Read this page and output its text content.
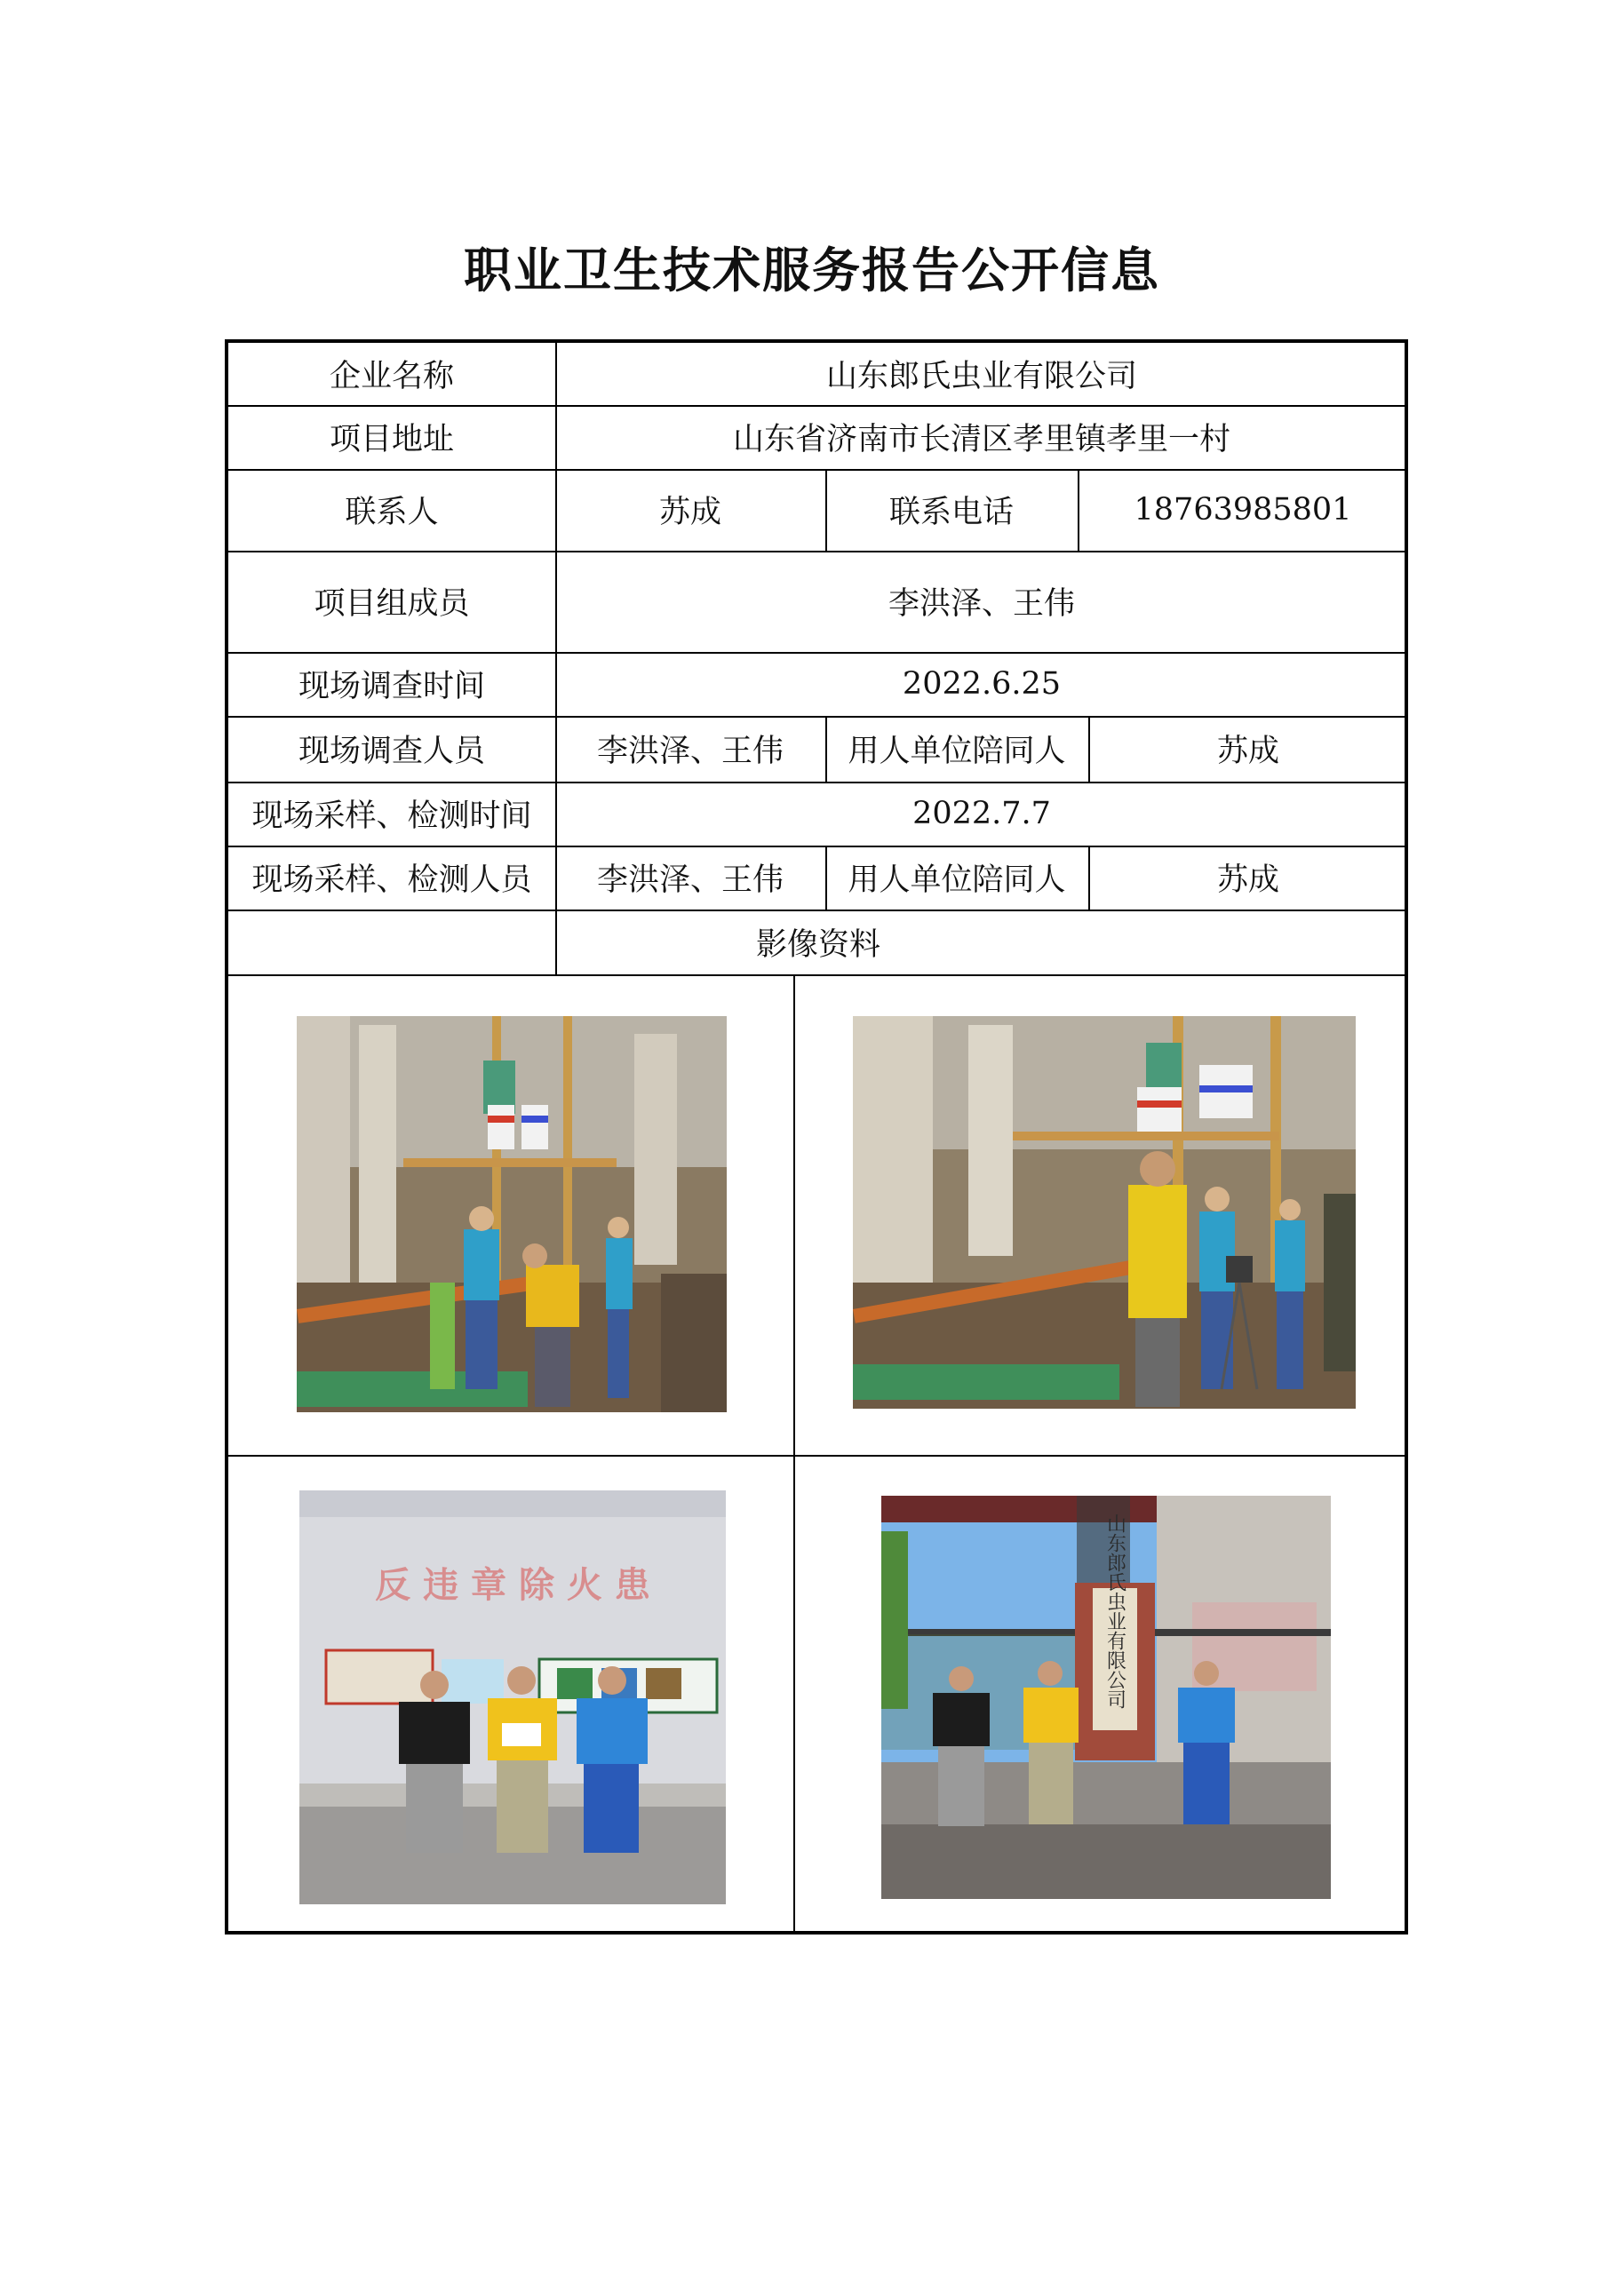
职业卫生技术服务报告公开信息
企业名称	山东郎氏虫业有限公司
项目地址	山东省济南市长清区孝里镇孝里一村
联系人	苏成	联系电话	18763985801
项目组成员	李洪泽、王伟
现场调查时间	2022.6.25
现场调查人员	李洪泽、王伟	用人单位陪同人	苏成
现场采样、检测时间	2022.7.7
现场采样、检测人员	李洪泽、王伟	用人单位陪同人	苏成
影像资料
反 违 章 除 火 患	山东郎氏虫业有限公司
